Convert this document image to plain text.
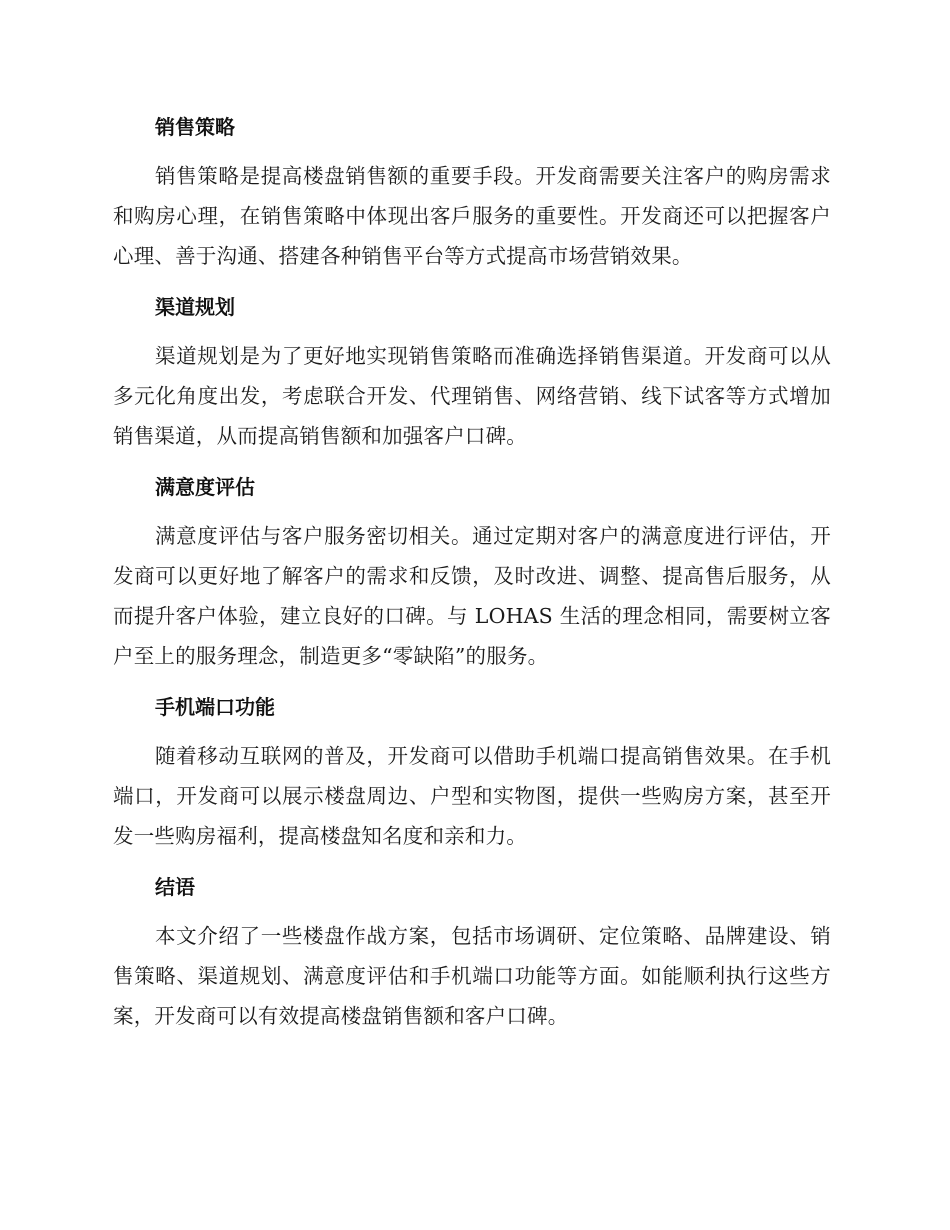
销售策略

销售策略是提高楼盘销售额的重要手段。开发商需要关注客户的购房需求和购房心理，在销售策略中体现出客戶服务的重要性。开发商还可以把握客户心理、善于沟通、搭建各种销售平台等方式提高市场营销效果。

渠道规划

渠道规划是为了更好地实现销售策略而准确选择销售渠道。开发商可以从多元化角度出发，考虑联合开发、代理销售、网络营销、线下试客等方式增加销售渠道，从而提高销售额和加强客户口碑。

满意度评估

满意度评估与客户服务密切相关。通过定期对客户的满意度进行评估，开发商可以更好地了解客户的需求和反馈，及时改进、调整、提高售后服务，从而提升客户体验，建立良好的口碑。与 LOHAS 生活的理念相同，需要树立客户至上的服务理念，制造更多“零缺陷”的服务。

手机端口功能

随着移动互联网的普及，开发商可以借助手机端口提高销售效果。在手机端口，开发商可以展示楼盘周边、户型和实物图，提供一些购房方案，甚至开发一些购房福利，提高楼盘知名度和亲和力。

结语

本文介绍了一些楼盘作战方案，包括市场调研、定位策略、品牌建设、销售策略、渠道规划、满意度评估和手机端口功能等方面。如能顺利执行这些方案，开发商可以有效提高楼盘销售额和客户口碑。
